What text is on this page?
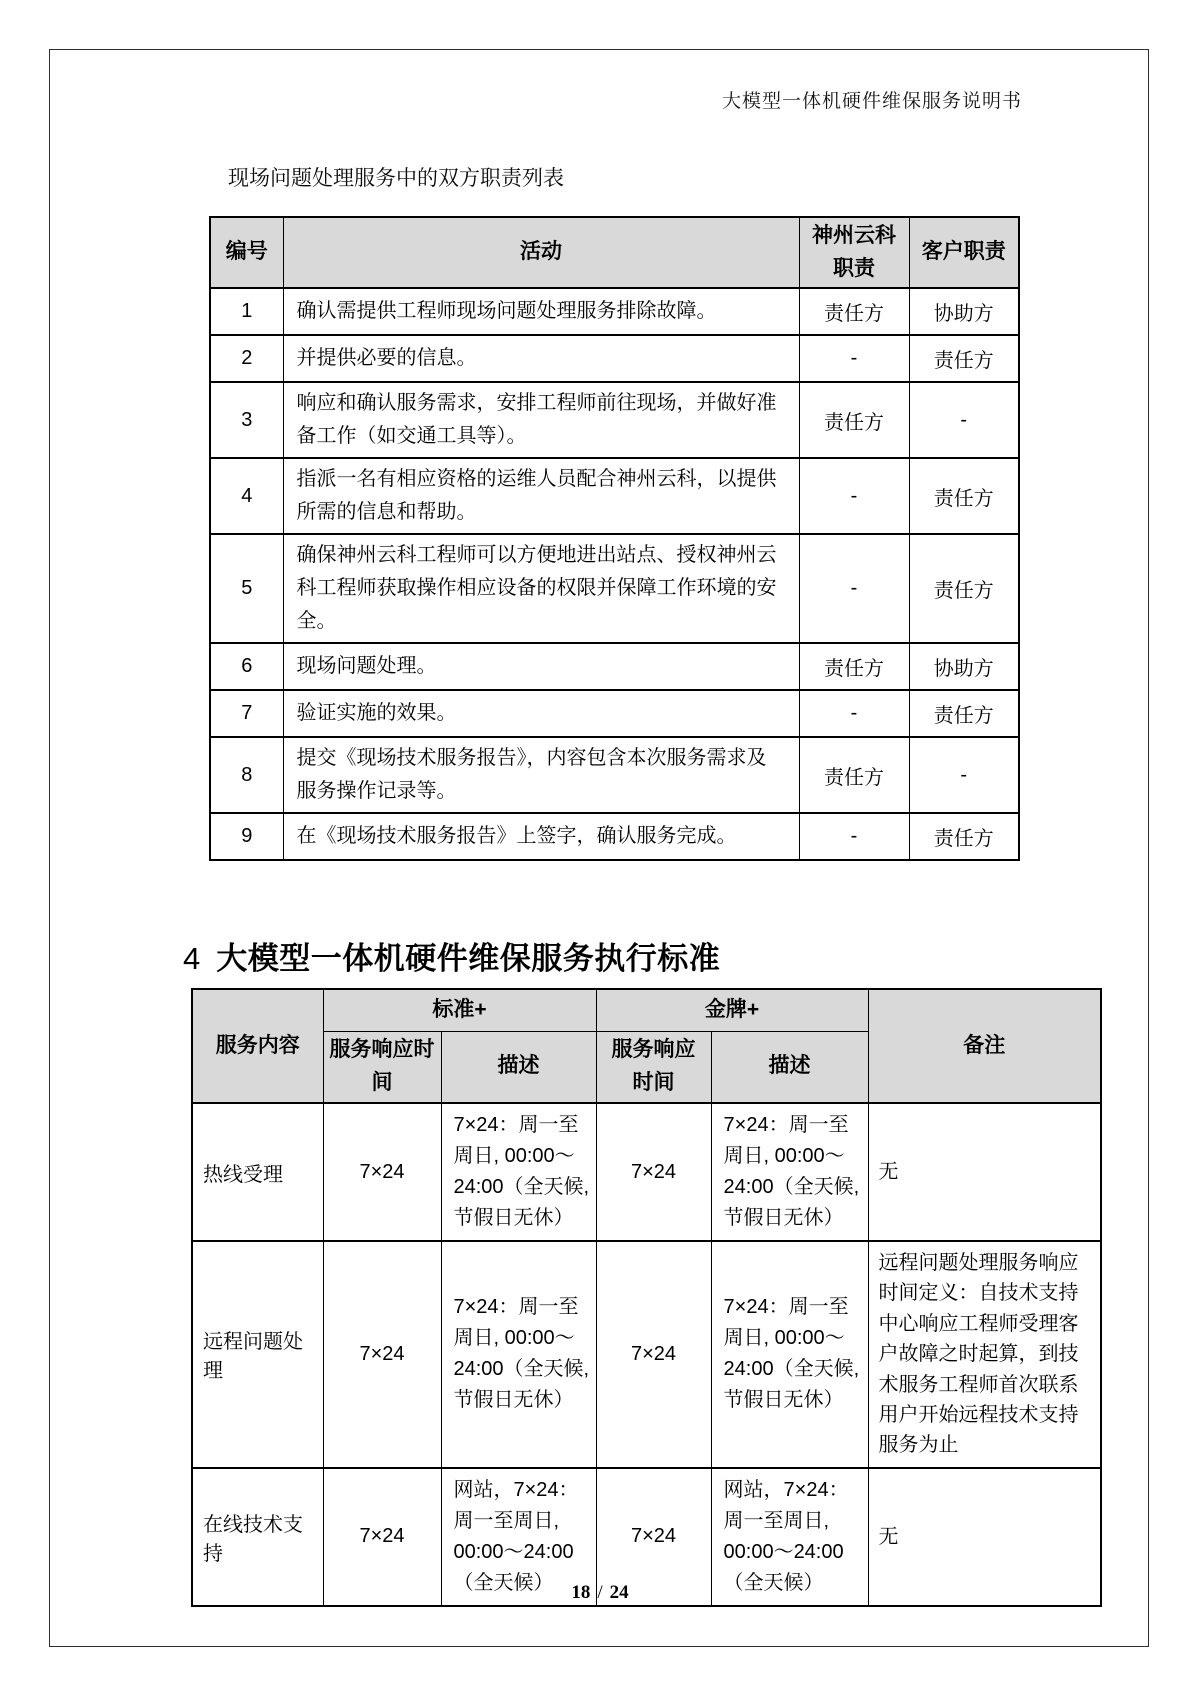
大模型一体机硬件维保服务说明书
现场问题处理服务中的双方职责列表
编号	活动	神州云科职责	客户职责
1	确认需提供工程师现场问题处理服务排除故障。	责任方	协助方
2	并提供必要的信息。	-	责任方
3	响应和确认服务需求，安排工程师前往现场，并做好准备工作（如交通工具等）。	责任方	-
4	指派一名有相应资格的运维人员配合神州云科，以提供所需的信息和帮助。	-	责任方
5	确保神州云科工程师可以方便地进出站点、授权神州云科工程师获取操作相应设备的权限并保障工作环境的安全。	-	责任方
6	现场问题处理。	责任方	协助方
7	验证实施的效果。	-	责任方
8	提交《现场技术服务报告》，内容包含本次服务需求及服务操作记录等。	责任方	-
9	在《现场技术服务报告》上签字，确认服务完成。	-	责任方
4 大模型一体机硬件维保服务执行标准
服务内容	标准+		金牌+		备注
	服务响应时间	描述	服务响应时间	描述	
热线受理	7×24	7×24：周一至周日, 00:00～24:00（全天候, 节假日无休）	7×24	7×24：周一至周日, 00:00～24:00（全天候, 节假日无休）	无
远程问题处理	7×24	7×24：周一至周日, 00:00～24:00（全天候, 节假日无休）	7×24	7×24：周一至周日, 00:00～24:00（全天候, 节假日无休）	远程问题处理服务响应时间定义：自技术支持中心响应工程师受理客户故障之时起算，到技术服务工程师首次联系用户开始远程技术支持服务为止
在线技术支持	7×24	网站，7×24：周一至周日, 00:00～24:00（全天候）	7×24	网站，7×24：周一至周日, 00:00～24:00（全天候）	无
18 / 24
